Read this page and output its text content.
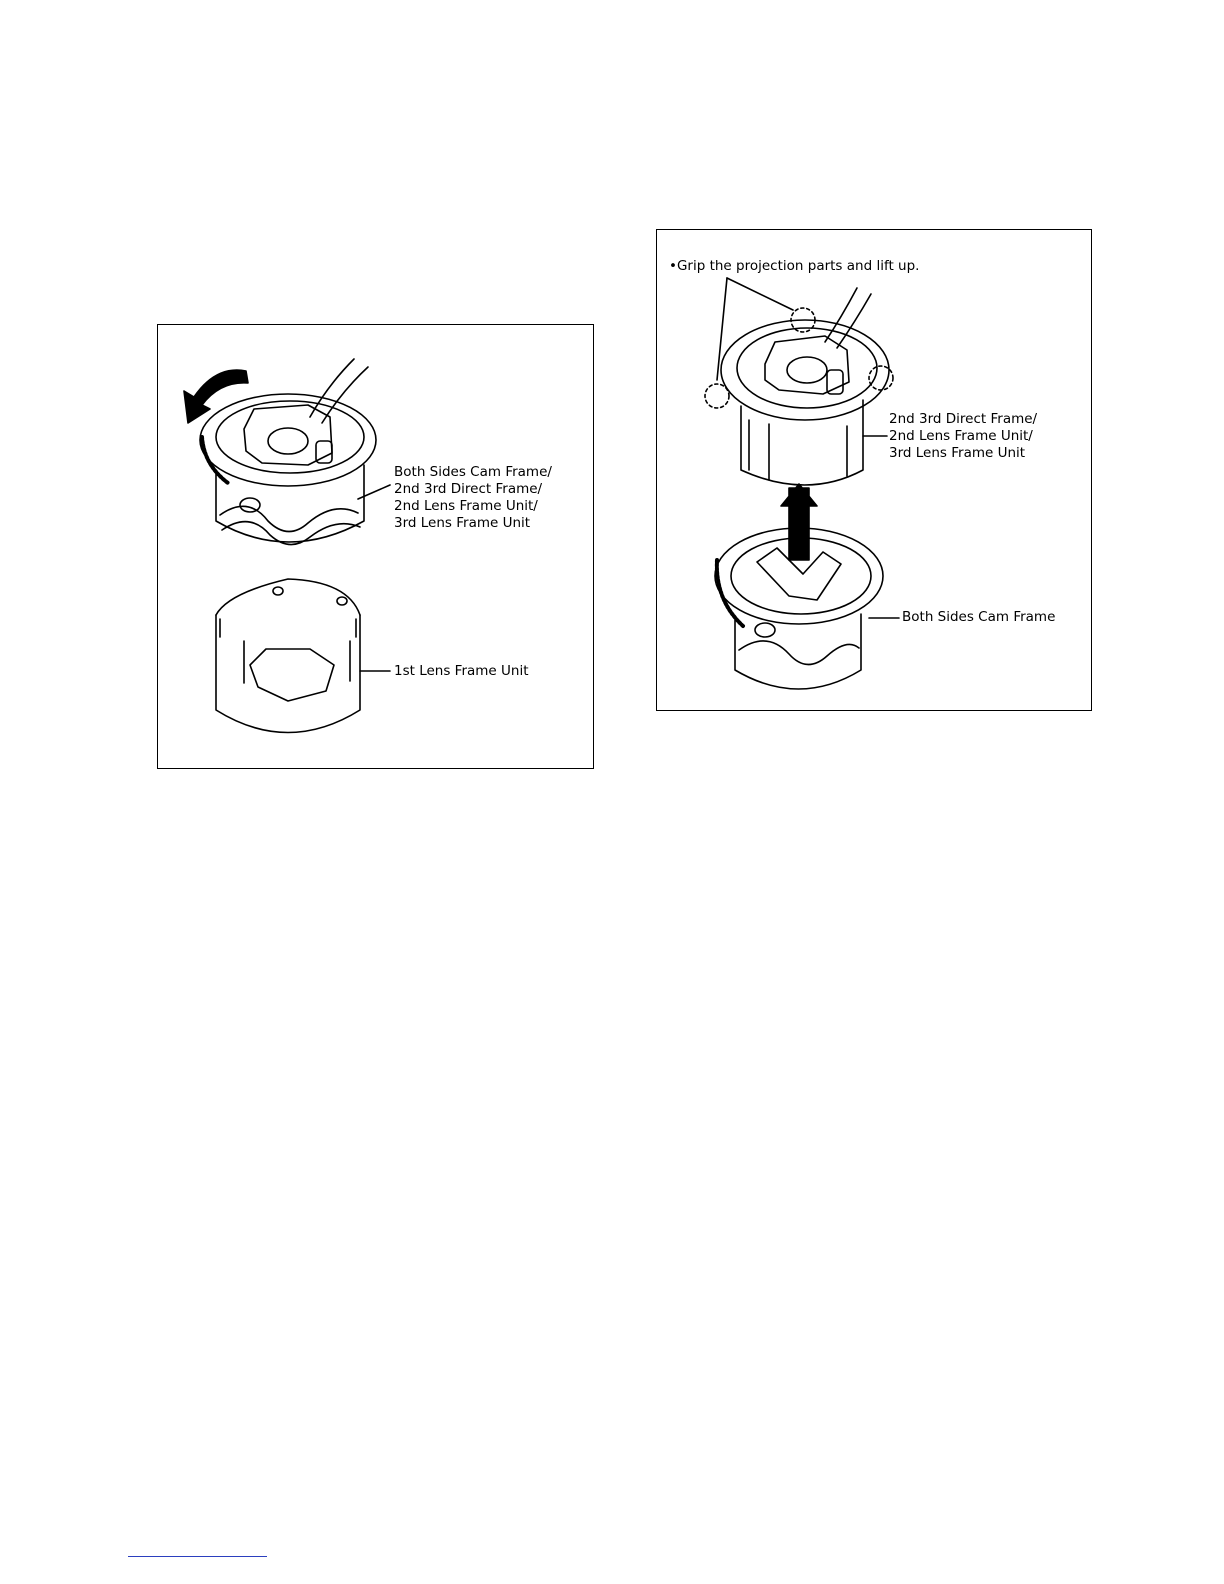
Both Sides Cam Frame/
2nd 3rd Direct Frame/
2nd Lens Frame Unit/
3rd Lens Frame Unit
1st Lens Frame Unit
•Grip the projection parts and lift up.
2nd 3rd Direct Frame/
2nd Lens Frame Unit/
3rd Lens Frame Unit
Both Sides Cam Frame
